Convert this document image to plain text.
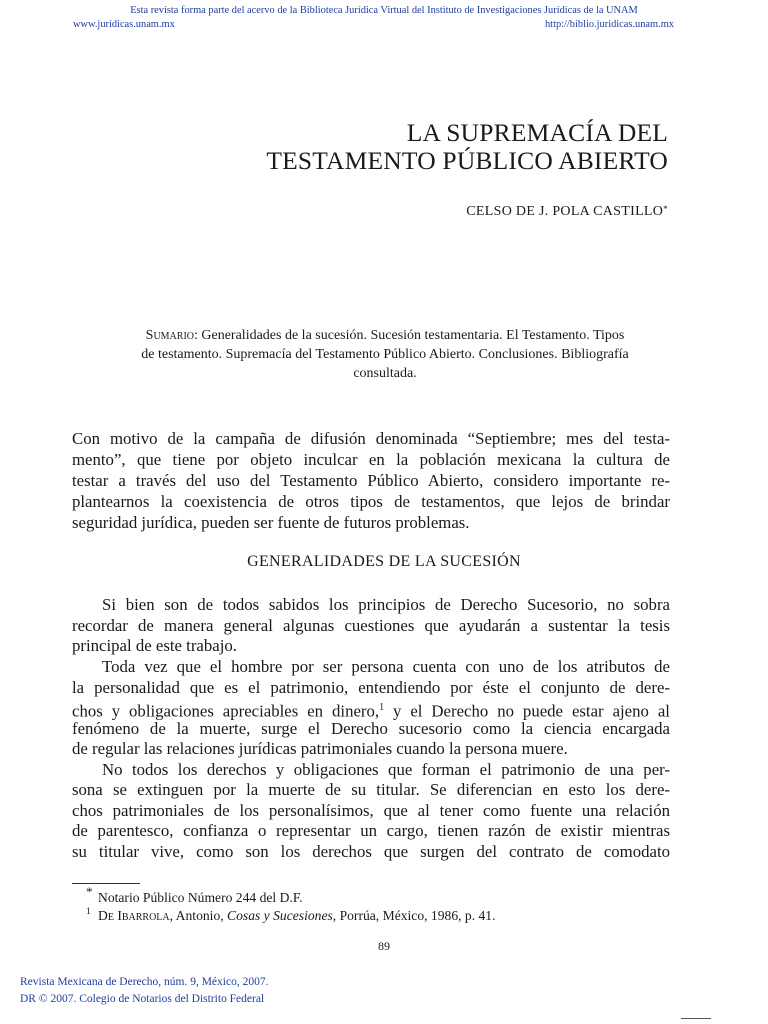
Esta revista forma parte del acervo de la Biblioteca Jurídica Virtual del Instituto de Investigaciones Jurídicas de la UNAM
www.juridicas.unam.mx	http://biblio.juridicas.unam.mx
LA SUPREMACÍA DEL
TESTAMENTO PÚBLICO ABIERTO
CELSO DE J. POLA CASTILLO*
Sumario: Generalidades de la sucesión. Sucesión testamentaria. El Testamento. Tipos
de testamento. Supremacía del Testamento Público Abierto. Conclusiones. Bibliografía
consultada.
Con motivo de la campaña de difusión denominada “Septiembre; mes del testa-
mento”, que tiene por objeto inculcar en la población mexicana la cultura de
testar a través del uso del Testamento Público Abierto, considero importante re-
plantearnos la coexistencia de otros tipos de testamentos, que lejos de brindar
seguridad jurídica, pueden ser fuente de futuros problemas.
GENERALIDADES DE LA SUCESIÓN
Si bien son de todos sabidos los principios de Derecho Sucesorio, no sobra
recordar de manera general algunas cuestiones que ayudarán a sustentar la tesis
principal de este trabajo.
Toda vez que el hombre por ser persona cuenta con uno de los atributos de
la personalidad que es el patrimonio, entendiendo por éste el conjunto de dere-
chos y obligaciones apreciables en dinero,$^1$ y el Derecho no puede estar ajeno al
fenómeno de la muerte, surge el Derecho sucesorio como la ciencia encargada
de regular las relaciones jurídicas patrimoniales cuando la persona muere.
No todos los derechos y obligaciones que forman el patrimonio de una per-
sona se extinguen por la muerte de su titular. Se diferencian en esto los dere-
chos patrimoniales de los personalísimos, que al tener como fuente una relación
de parentesco, confianza o representar un cargo, tienen razón de existir mientras
su titular vive, como son los derechos que surgen del contrato de comodato
* Notario Público Número 244 del D.F.
1 De Ibarrola, Antonio, Cosas y Sucesiones, Porrúa, México, 1986, p. 41.
89
Revista Mexicana de Derecho, núm. 9, México, 2007.
DR © 2007. Colegio de Notarios del Distrito Federal
